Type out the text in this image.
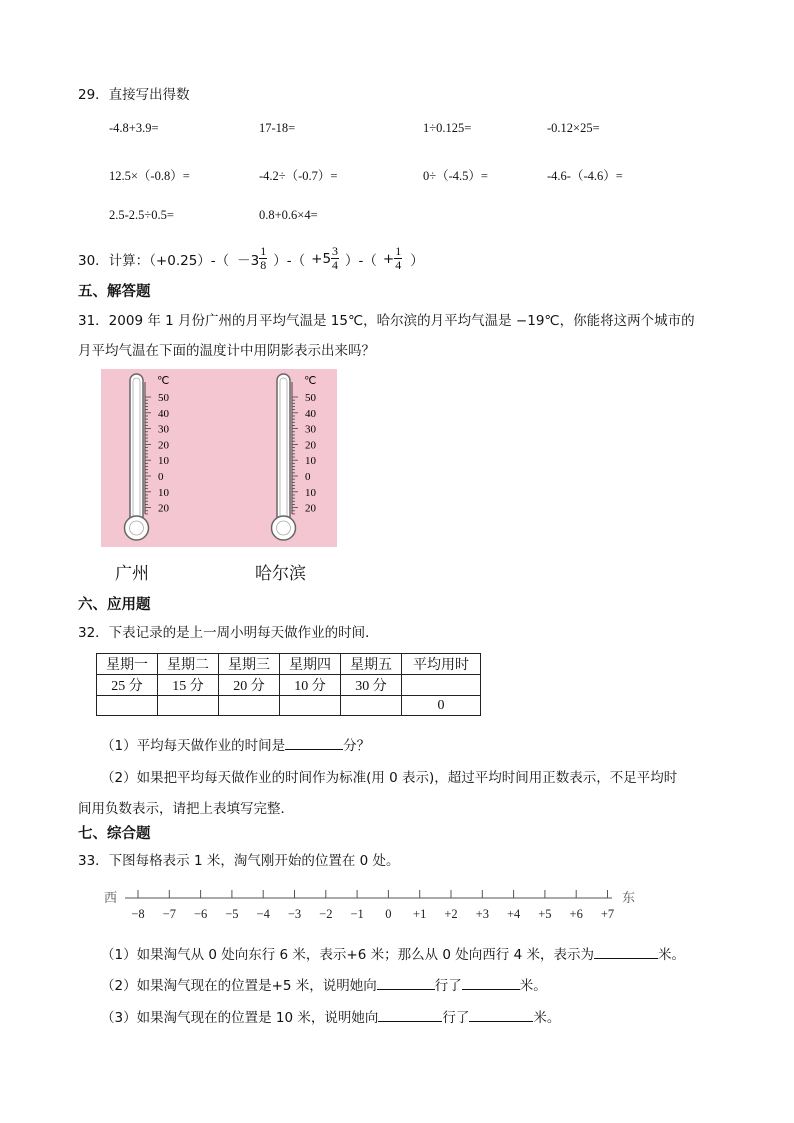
29．直接写出得数
-4.8+3.9=	17-18=	1÷0.125=	-0.12×25=
12.5×（-0.8）=	-4.2÷（-0.7）=	0÷（-4.5）=	-4.6-（-4.6）=
2.5-2.5÷0.5=	0.8+0.6×4=
30．计算：$(+0.25)-( -3 \frac{1}{8}$ ）-（ $+5 \frac{3}{4}$ ）-（ + $\frac{1}{4}$ ）
五、解答题
31．2009 年 1 月份广州的月平均气温是 15℃，哈尔滨的月平均气温是 −19℃，你能将这两个城市的
月平均气温在下面的温度计中用阴影表示出来吗？
℃	℃
50
40
30
20
10
0
10
20
50
40
30
20
10
0
10
20
广州	哈尔滨
六、应用题
32．下表记录的是上一周小明每天做作业的时间．
星期一	星期二	星期三	星期四	星期五	平均用时
25 分	15 分	20 分	10 分	30 分	
					0
（1）平均每天做作业的时间是	分？
（2）如果把平均每天做作业的时间作为标准(用 0 表示)，超过平均时间用正数表示，不足平均时
间用负数表示，请把上表填写完整．
七、综合题
33．下图每格表示 1 米，淘气刚开始的位置在 0 处。
西	东
−8 −7 −6 −5 −4 −3 −2 −1 0 +1 +2 +3 +4 +5 +6 +7
（1）如果淘气从 0 处向东行 6 米，表示+6 米；那么从 0 处向西行 4 米，表示为	米。
（2）如果淘气现在的位置是+5 米，说明她向	行了	米。
（3）如果淘气现在的位置是 10 米，说明她向	行了	米。
